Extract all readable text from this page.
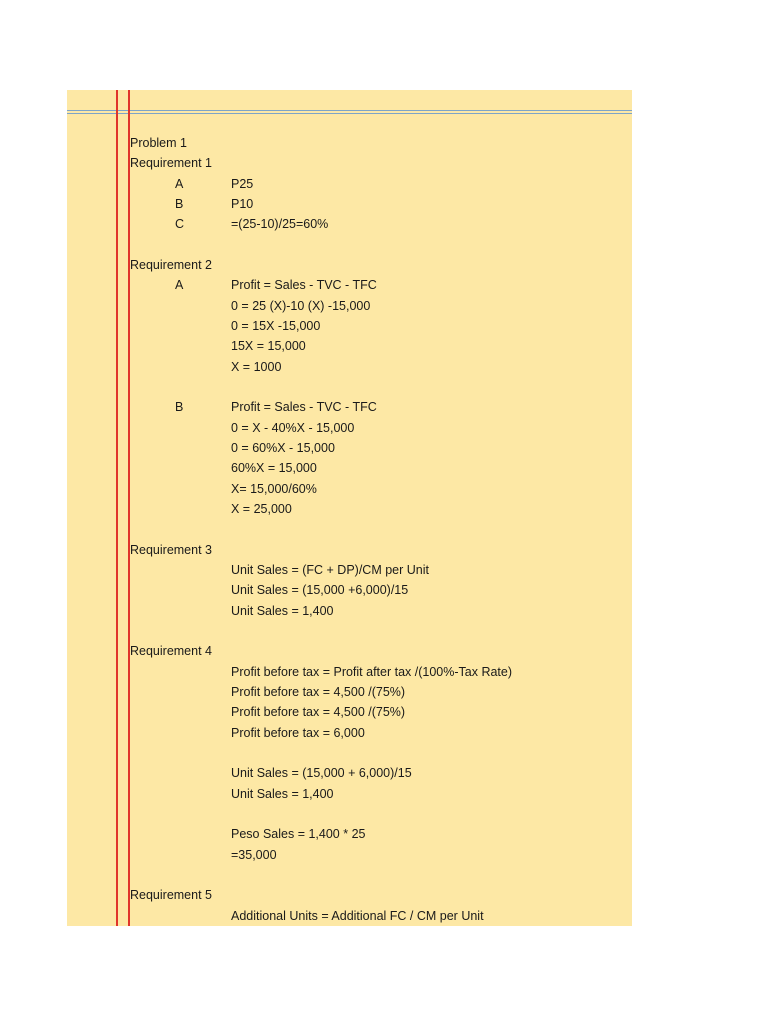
Problem 1
Requirement 1
A	P25
B	P10
C	=(25-10)/25=60%
Requirement 2
A	Profit = Sales - TVC - TFC
0 = 25 (X)-10 (X) -15,000
0 = 15X -15,000
15X = 15,000
X = 1000
B	Profit = Sales - TVC - TFC
0 = X - 40%X - 15,000
0 = 60%X - 15,000
60%X = 15,000
X= 15,000/60%
X = 25,000
Requirement 3
Unit Sales = (FC + DP)/CM per Unit
Unit Sales = (15,000 +6,000)/15
Unit Sales = 1,400
Requirement 4
Profit before tax = Profit after tax /(100%-Tax Rate)
Profit before tax = 4,500 /(75%)
Profit before tax = 4,500 /(75%)
Profit before tax = 6,000
Unit Sales = (15,000 + 6,000)/15
Unit Sales = 1,400
Peso Sales = 1,400 * 25
=35,000
Requirement 5
Additional Units = Additional FC / CM per Unit
